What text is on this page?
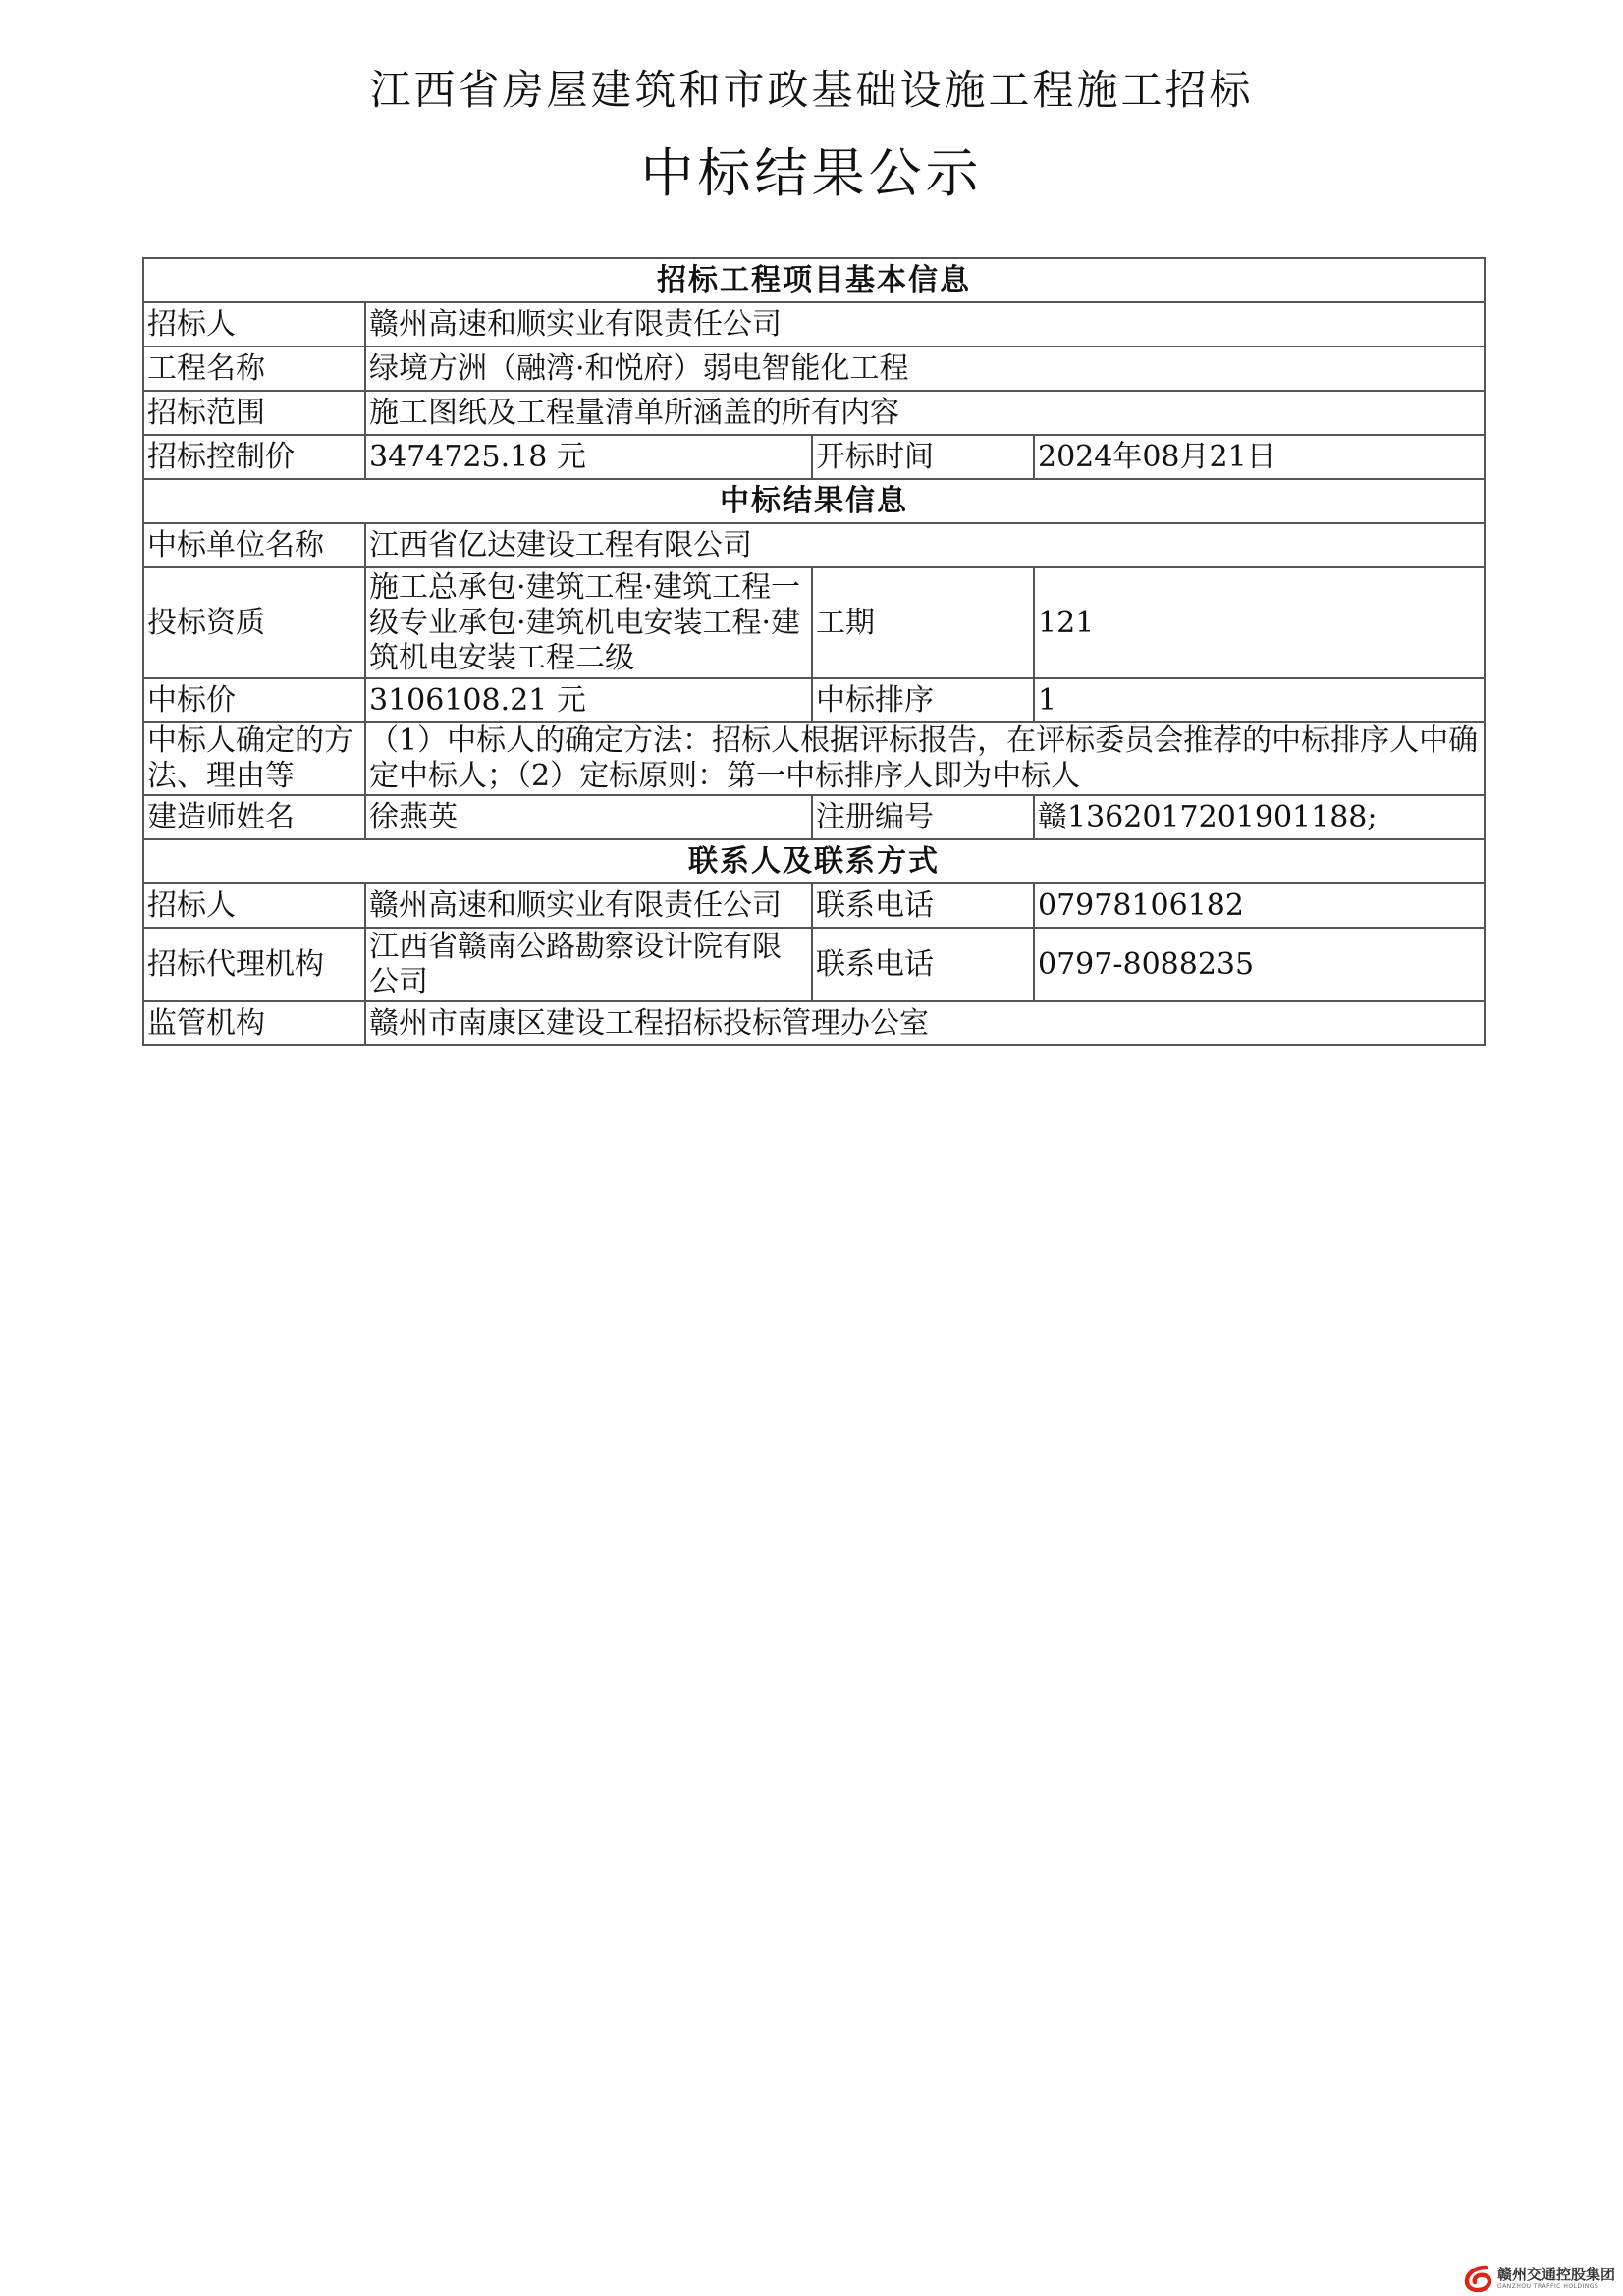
江西省房屋建筑和市政基础设施工程施工招标
中标结果公示
招标工程项目基本信息			
招标人	赣州高速和顺实业有限责任公司		
工程名称	绿境方洲（融湾·和悦府）弱电智能化工程		
招标范围	施工图纸及工程量清单所涵盖的所有内容		
招标控制价	3474725.18 元	开标时间	2024年08月21日
中标结果信息			
中标单位名称	江西省亿达建设工程有限公司		
投标资质	施工总承包·建筑工程·建筑工程一级专业承包·建筑机电安装工程·建筑机电安装工程二级	工期	121
中标价	3106108.21 元	中标排序	1
中标人确定的方法、理由等	（1）中标人的确定方法：招标人根据评标报告，在评标委员会推荐的中标排序人中确定中标人；（2）定标原则：第一中标排序人即为中标人		
建造师姓名	徐燕英	注册编号	赣1362017201901188;
联系人及联系方式			
招标人	赣州高速和顺实业有限责任公司	联系电话	07978106182
招标代理机构	江西省赣南公路勘察设计院有限公司	联系电话	0797-8088235
监管机构	赣州市南康区建设工程招标投标管理办公室		
赣州交通控股集团
GANZHOU TRAFFIC HOLDINGS
